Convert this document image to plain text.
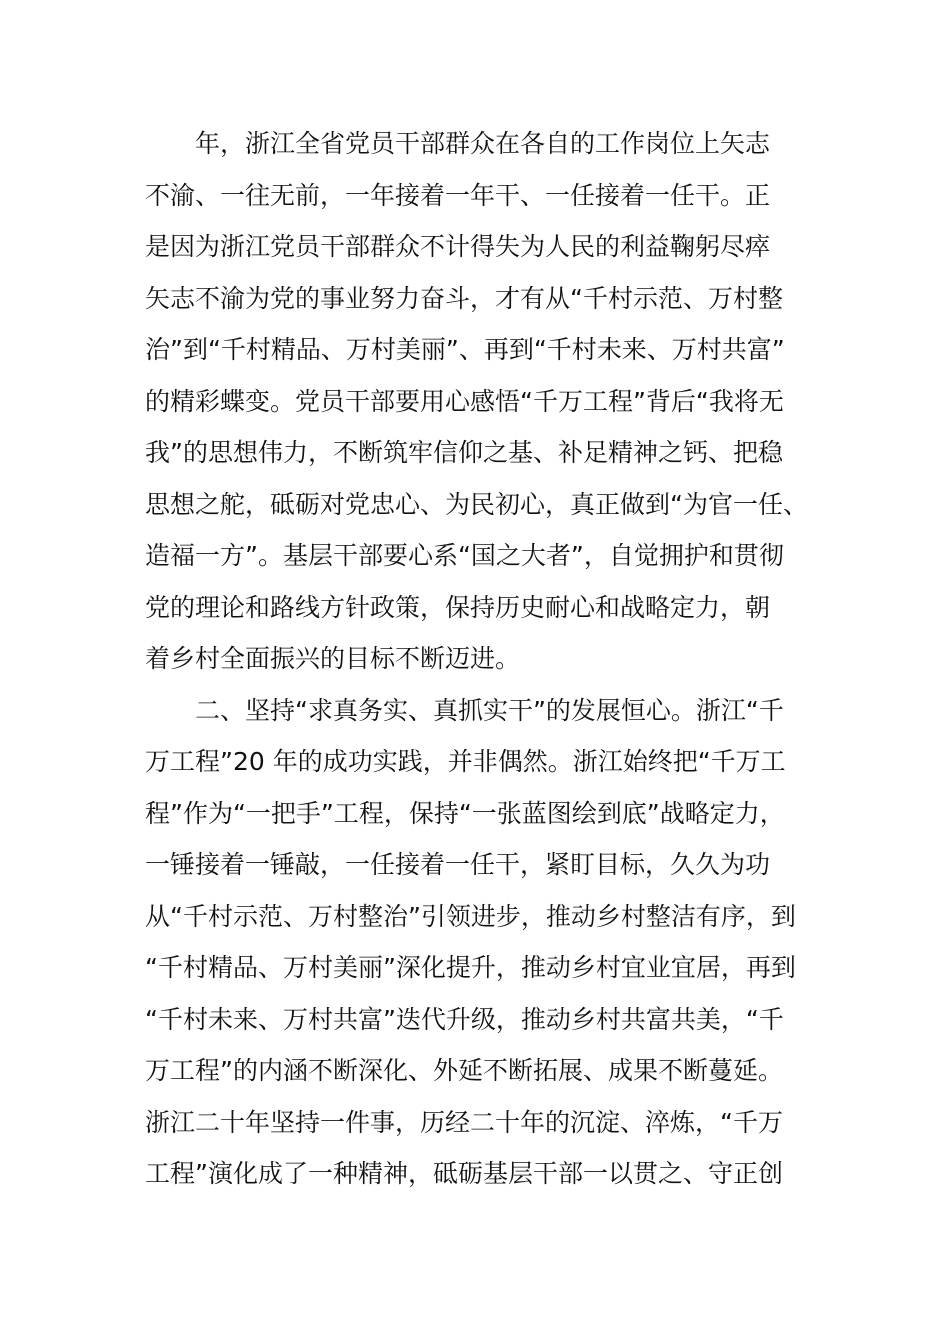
年，浙江全省党员干部群众在各自的工作岗位上矢志
不渝、一往无前，一年接着一年干、一任接着一任干。正
是因为浙江党员干部群众不计得失为人民的利益鞠躬尽瘁
矢志不渝为党的事业努力奋斗，才有从“千村示范、万村整
治”到“千村精品、万村美丽”、再到“千村未来、万村共富”
的精彩蝶变。党员干部要用心感悟“千万工程”背后“我将无
我”的思想伟力，不断筑牢信仰之基、补足精神之钙、把稳
思想之舵，砥砺对党忠心、为民初心，真正做到“为官一任、
造福一方”。基层干部要心系“国之大者”，自觉拥护和贯彻
党的理论和路线方针政策，保持历史耐心和战略定力，朝
着乡村全面振兴的目标不断迈进。
二、坚持“求真务实、真抓实干”的发展恒心。浙江“千
万工程”20 年的成功实践，并非偶然。浙江始终把“千万工
程”作为“一把手”工程，保持“一张蓝图绘到底”战略定力，
一锤接着一锤敲，一任接着一任干，紧盯目标，久久为功
从“千村示范、万村整治”引领进步，推动乡村整洁有序，到
“千村精品、万村美丽”深化提升，推动乡村宜业宜居，再到
“千村未来、万村共富”迭代升级，推动乡村共富共美，“千
万工程”的内涵不断深化、外延不断拓展、成果不断蔓延。
浙江二十年坚持一件事，历经二十年的沉淀、淬炼，“千万
工程”演化成了一种精神，砥砺基层干部一以贯之、守正创
